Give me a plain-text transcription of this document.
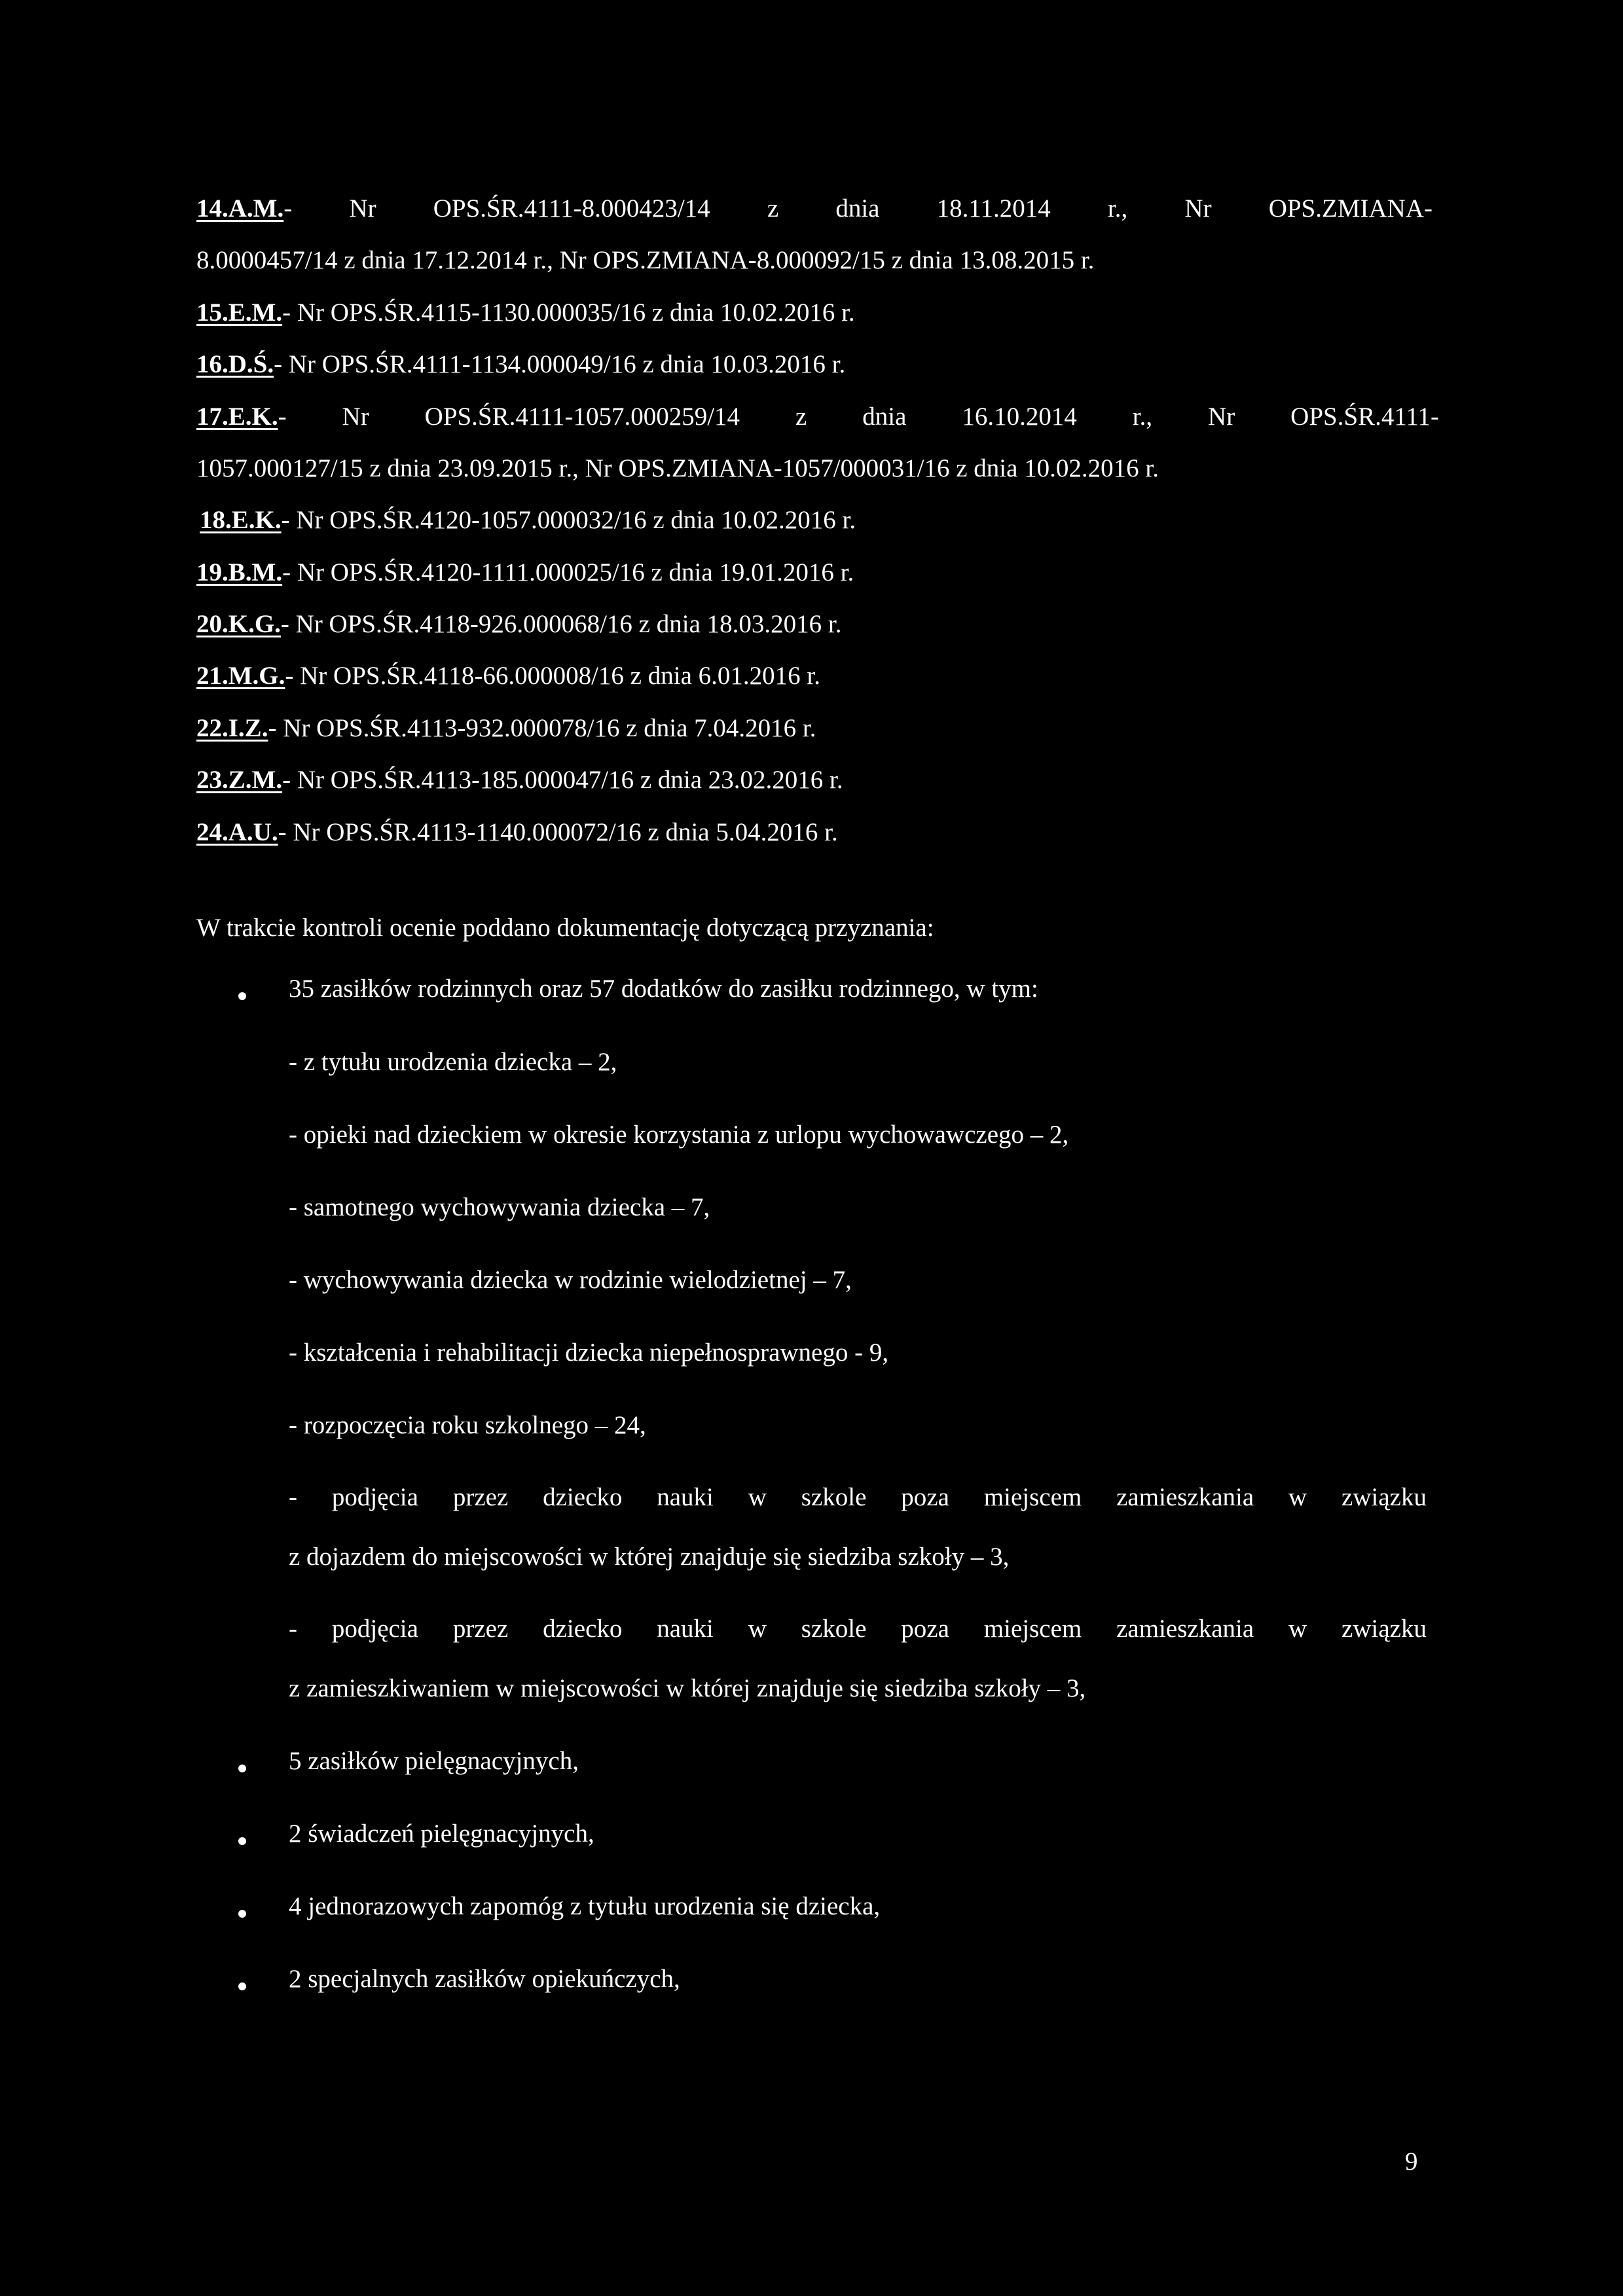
14.A.M.- Nr OPS.ŚR.4111-8.000423/14 z dnia 18.11.2014 r., Nr OPS.ZMIANA-
8.0000457/14 z dnia 17.12.2014 r., Nr OPS.ZMIANA-8.000092/15 z dnia 13.08.2015 r.
15.E.M.- Nr OPS.ŚR.4115-1130.000035/16 z dnia 10.02.2016 r.
16.D.Ś.- Nr OPS.ŚR.4111-1134.000049/16 z dnia 10.03.2016 r.
17.E.K.- Nr OPS.ŚR.4111-1057.000259/14 z dnia 16.10.2014 r., Nr OPS.ŚR.4111-
1057.000127/15 z dnia 23.09.2015 r., Nr OPS.ZMIANA-1057/000031/16 z dnia 10.02.2016 r.
18.E.K.- Nr OPS.ŚR.4120-1057.000032/16 z dnia 10.02.2016 r.
19.B.M.- Nr OPS.ŚR.4120-1111.000025/16 z dnia 19.01.2016 r.
20.K.G.- Nr OPS.ŚR.4118-926.000068/16 z dnia 18.03.2016 r.
21.M.G.- Nr OPS.ŚR.4118-66.000008/16 z dnia 6.01.2016 r.
22.I.Z.- Nr OPS.ŚR.4113-932.000078/16 z dnia 7.04.2016 r.
23.Z.M.- Nr OPS.ŚR.4113-185.000047/16 z dnia 23.02.2016 r.
24.A.U.- Nr OPS.ŚR.4113-1140.000072/16 z dnia 5.04.2016 r.
W trakcie kontroli ocenie poddano dokumentację dotyczącą przyznania:
35 zasiłków rodzinnych oraz 57 dodatków do zasiłku rodzinnego, w tym:
- z tytułu urodzenia dziecka – 2,
- opieki nad dzieckiem w okresie korzystania z urlopu wychowawczego – 2,
- samotnego wychowywania dziecka – 7,
- wychowywania dziecka w rodzinie wielodzietnej – 7,
- kształcenia i rehabilitacji dziecka niepełnosprawnego - 9,
- rozpoczęcia roku szkolnego – 24,
- podjęcia przez dziecko nauki w szkole poza miejscem zamieszkania w związku
z dojazdem do miejscowości w której znajduje się siedziba szkoły – 3,
- podjęcia przez dziecko nauki w szkole poza miejscem zamieszkania w związku
z zamieszkiwaniem w miejscowości w której znajduje się siedziba szkoły – 3,
5 zasiłków pielęgnacyjnych,
2 świadczeń pielęgnacyjnych,
4 jednorazowych zapomóg z tytułu urodzenia się dziecka,
2 specjalnych zasiłków opiekuńczych,
9
